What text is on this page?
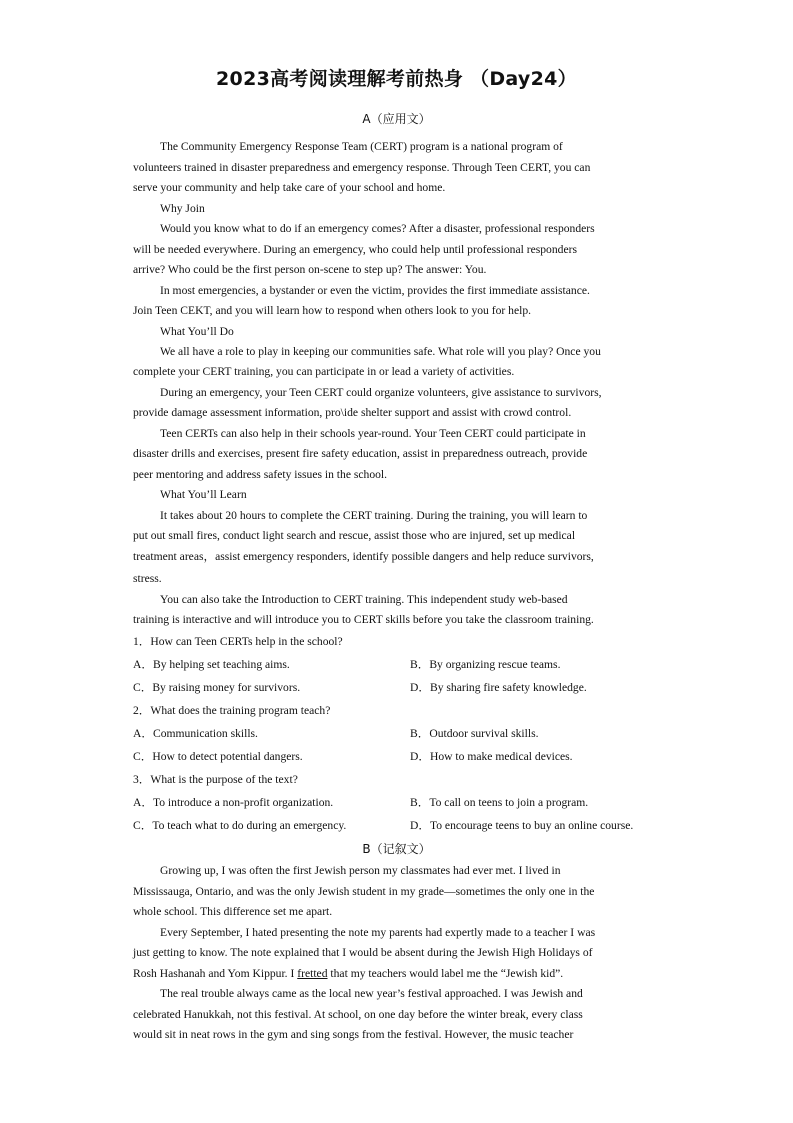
2023高考阅读理解考前热身 （Day24）
A（应用文）
The Community Emergency Response Team (CERT) program is a national program of
volunteers trained in disaster preparedness and emergency response. Through Teen CERT, you can
serve your community and help take care of your school and home.
Why Join
Would you know what to do if an emergency comes? After a disaster, professional responders
will be needed everywhere. During an emergency, who could help until professional responders
arrive? Who could be the first person on-scene to step up? The answer: You.
In most emergencies, a bystander or even the victim, provides the first immediate assistance.
Join Teen CEKT, and you will learn how to respond when others look to you for help.
What You’ll Do
We all have a role to play in keeping our communities safe. What role will you play? Once you
complete your CERT training, you can participate in or lead a variety of activities.
During an emergency, your Teen CERT could organize volunteers, give assistance to survivors,
provide damage assessment information, pro\ide shelter support and assist with crowd control.
Teen CERTs can also help in their schools year-round. Your Teen CERT could participate in
disaster drills and exercises, present fire safety education, assist in preparedness outreach, provide
peer mentoring and address safety issues in the school.
What You’ll Learn
It takes about 20 hours to complete the CERT training. During the training, you will learn to
put out small fires, conduct light search and rescue, assist those who are injured, set up medical
treatment areas，assist emergency responders, identify possible dangers and help reduce survivors,
stress.
You can also take the Introduction to CERT training. This independent study web-based
training is interactive and will introduce you to CERT skills before you take the classroom training.
1．How can Teen CERTs help in the school?
A．By helping set teaching aims.	B．By organizing rescue teams.
C．By raising money for survivors.	D．By sharing fire safety knowledge.
2．What does the training program teach?
A．Communication skills.	B．Outdoor survival skills.
C．How to detect potential dangers.	D．How to make medical devices.
3．What is the purpose of the text?
A．To introduce a non-profit organization.	B．To call on teens to join a program.
C．To teach what to do during an emergency.	D．To encourage teens to buy an online course.
B（记叙文）
Growing up, I was often the first Jewish person my classmates had ever met. I lived in
Mississauga, Ontario, and was the only Jewish student in my grade—sometimes the only one in the
whole school. This difference set me apart.
Every September, I hated presenting the note my parents had expertly made to a teacher I was
just getting to know. The note explained that I would be absent during the Jewish High Holidays of
Rosh Hashanah and Yom Kippur. I fretted that my teachers would label me the “Jewish kid”.
The real trouble always came as the local new year’s festival approached. I was Jewish and
celebrated Hanukkah, not this festival. At school, on one day before the winter break, every class
would sit in neat rows in the gym and sing songs from the festival. However, the music teacher
